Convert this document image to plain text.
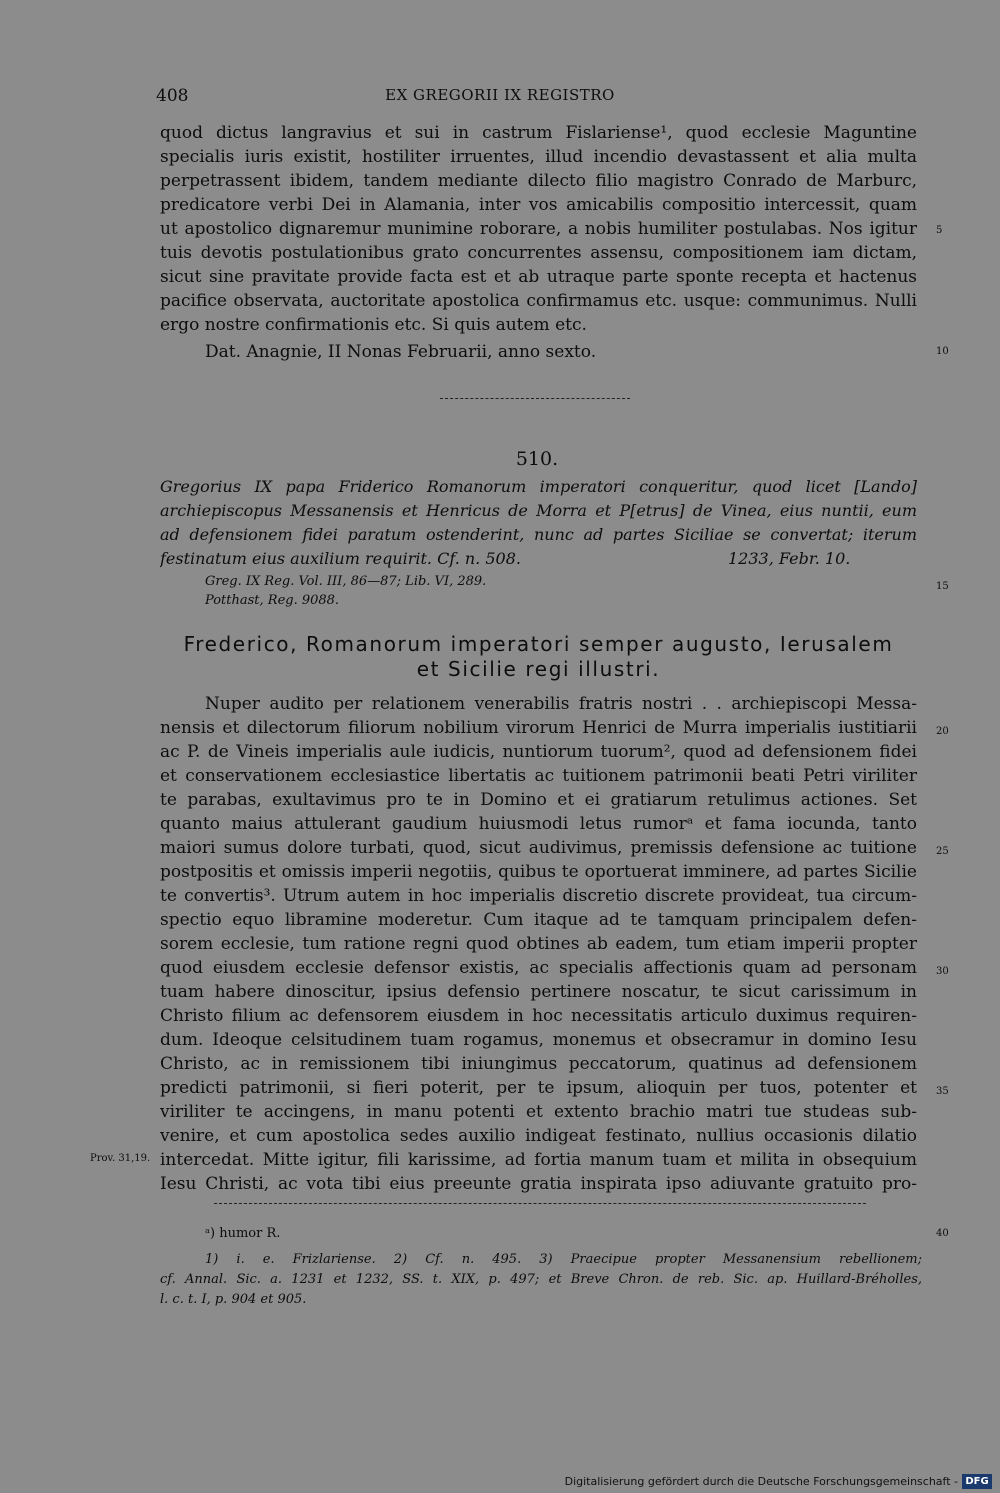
408	EX GREGORII IX REGISTRO
quod dictus langravius et sui in castrum Fislariense¹, quod ecclesie Maguntine
specialis iuris existit, hostiliter irruentes, illud incendio devastassent et alia multa
perpetrassent ibidem, tandem mediante dilecto filio magistro Conrado de Marburc,
predicatore verbi Dei in Alamania, inter vos amicabilis compositio intercessit, quam
ut apostolico dignaremur munimine roborare, a nobis humiliter postulabas. Nos igitur
tuis devotis postulationibus grato concurrentes assensu, compositionem iam dictam,
sicut sine pravitate provide facta est et ab utraque parte sponte recepta et hactenus
pacifice observata, auctoritate apostolica confirmamus etc. usque: communimus. Nulli
ergo nostre confirmationis etc. Si quis autem etc.
Dat. Anagnie, II Nonas Februarii, anno sexto.
5
10
510.
Gregorius IX papa Friderico Romanorum imperatori conqueritur, quod licet [Lando]
archiepiscopus Messanensis et Henricus de Morra et P[etrus] de Vinea, eius nuntii, eum
ad defensionem fidei paratum ostenderint, nunc ad partes Siciliae se convertat; iterum
festinatum eius auxilium requirit. Cf. n. 508.	1233, Febr. 10.
Greg. IX Reg. Vol. III, 86—87; Lib. VI, 289.
Potthast, Reg. 9088.
15
Frederico, Romanorum imperatori semper augusto, Ierusalem
et Sicilie regi illustri.
Nuper audito per relationem venerabilis fratris nostri . . archiepiscopi Messa-
nensis et dilectorum filiorum nobilium virorum Henrici de Murra imperialis iustitiarii
ac P. de Vineis imperialis aule iudicis, nuntiorum tuorum², quod ad defensionem fidei
et conservationem ecclesiastice libertatis ac tuitionem patrimonii beati Petri viriliter
te parabas, exultavimus pro te in Domino et ei gratiarum retulimus actiones. Set
quanto maius attulerant gaudium huiusmodi letus rumorᵃ et fama iocunda, tanto
maiori sumus dolore turbati, quod, sicut audivimus, premissis defensione ac tuitione
postpositis et omissis imperii negotiis, quibus te oportuerat imminere, ad partes Sicilie
te convertis³. Utrum autem in hoc imperialis discretio discrete provideat, tua circum-
spectio equo libramine moderetur. Cum itaque ad te tamquam principalem defen-
sorem ecclesie, tum ratione regni quod obtines ab eadem, tum etiam imperii propter
quod eiusdem ecclesie defensor existis, ac specialis affectionis quam ad personam
tuam habere dinoscitur, ipsius defensio pertinere noscatur, te sicut carissimum in
Christo filium ac defensorem eiusdem in hoc necessitatis articulo duximus requiren-
dum. Ideoque celsitudinem tuam rogamus, monemus et obsecramur in domino Iesu
Christo, ac in remissionem tibi iniungimus peccatorum, quatinus ad defensionem
predicti patrimonii, si fieri poterit, per te ipsum, alioquin per tuos, potenter et
viriliter te accingens, in manu potenti et extento brachio matri tue studeas sub-
venire, et cum apostolica sedes auxilio indigeat festinato, nullius occasionis dilatio
intercedat. Mitte igitur, fili karissime, ad fortia manum tuam et milita in obsequium
Iesu Christi, ac vota tibi eius preeunte gratia inspirata ipso adiuvante gratuito pro-
20
25
30
35
Prov. 31,19.
ᵃ) humor R.	40
1) i. e. Frizlariense. 2) Cf. n. 495. 3) Praecipue propter Messanensium rebellionem;
cf. Annal. Sic. a. 1231 et 1232, SS. t. XIX, p. 497; et Breve Chron. de reb. Sic. ap. Huillard-Bréholles,
l. c. t. I, p. 904 et 905.
Digitalisierung gefördert durch die Deutsche Forschungsgemeinschaft - DFG
